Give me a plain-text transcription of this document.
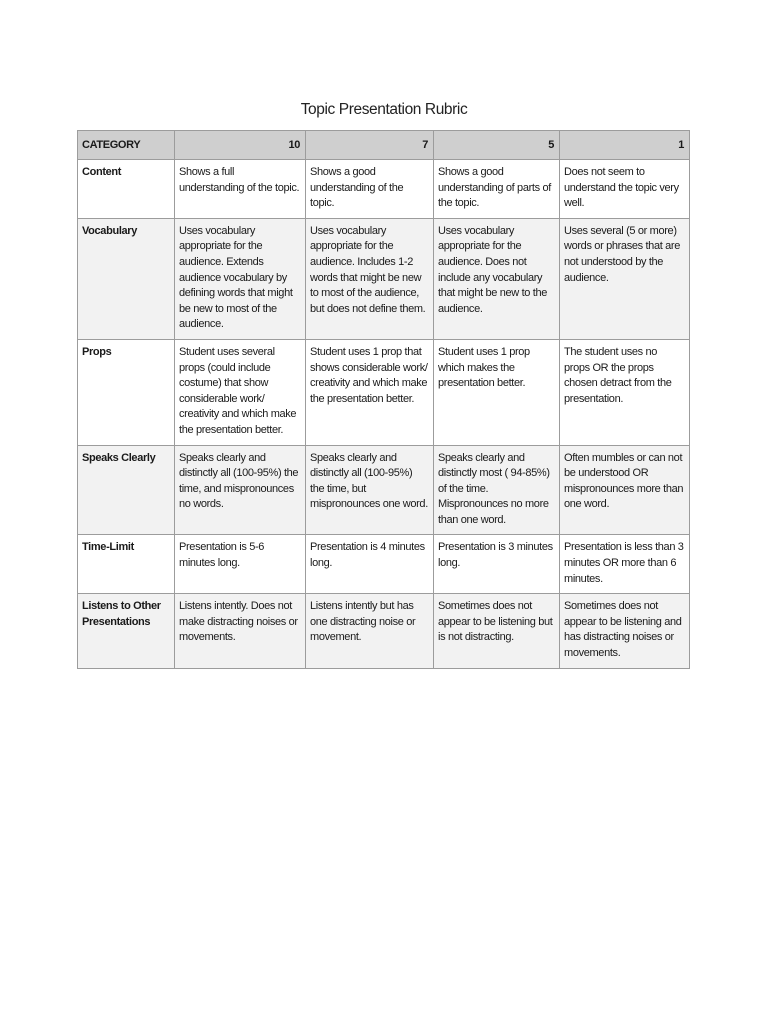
Topic Presentation Rubric
CATEGORY	10	7	5	1
Content	Shows a full understanding of the topic.	Shows a good understanding of the topic.	Shows a good understanding of parts of the topic.	Does not seem to understand the topic very well.
Vocabulary	Uses vocabulary appropriate for the audience. Extends audience vocabulary by defining words that might be new to most of the audience.	Uses vocabulary appropriate for the audience. Includes 1-2 words that might be new to most of the audience, but does not define them.	Uses vocabulary appropriate for the audience. Does not include any vocabulary that might be new to the audience.	Uses several (5 or more) words or phrases that are not understood by the audience.
Props	Student uses several props (could include costume) that show considerable work/ creativity and which make the presentation better.	Student uses 1 prop that shows considerable work/ creativity and which make the presentation better.	Student uses 1 prop which makes the presentation better.	The student uses no props OR the props chosen detract from the presentation.
Speaks Clearly	Speaks clearly and distinctly all (100-95%) the time, and mispronounces no words.	Speaks clearly and distinctly all (100-95%) the time, but mispronounces one word.	Speaks clearly and distinctly most ( 94-85%) of the time. Mispronounces no more than one word.	Often mumbles or can not be understood OR mispronounces more than one word.
Time-Limit	Presentation is 5-6 minutes long.	Presentation is 4 minutes long.	Presentation is 3 minutes long.	Presentation is less than 3 minutes OR more than 6 minutes.
Listens to Other Presentations	Listens intently. Does not make distracting noises or movements.	Listens intently but has one distracting noise or movement.	Sometimes does not appear to be listening but is not distracting.	Sometimes does not appear to be listening and has distracting noises or movements.
